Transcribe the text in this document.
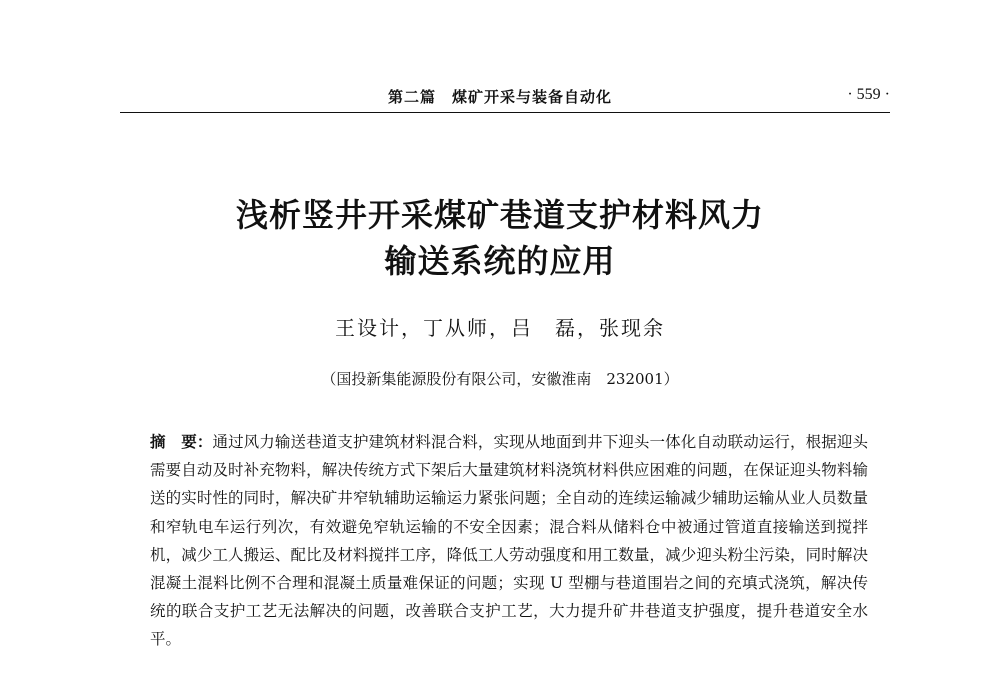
第二篇　煤矿开采与装备自动化	· 559 ·
浅析竖井开采煤矿巷道支护材料风力
输送系统的应用
王设计，丁从师，吕　磊，张现余
（国投新集能源股份有限公司，安徽淮南　232001）
摘　要：通过风力输送巷道支护建筑材料混合料，实现从地面到井下迎头一体化自动联动运行，根据迎头需要自动及时补充物料，解决传统方式下架后大量建筑材料浇筑材料供应困难的问题，在保证迎头物料输送的实时性的同时，解决矿井窄轨辅助运输运力紧张问题；全自动的连续运输减少辅助运输从业人员数量和窄轨电车运行列次，有效避免窄轨运输的不安全因素；混合料从储料仓中被通过管道直接输送到搅拌机，减少工人搬运、配比及材料搅拌工序，降低工人劳动强度和用工数量，减少迎头粉尘污染，同时解决混凝土混料比例不合理和混凝土质量难保证的问题；实现 U 型棚与巷道围岩之间的充填式浇筑，解决传统的联合支护工艺无法解决的问题，改善联合支护工艺，大力提升矿井巷道支护强度，提升巷道安全水平。
